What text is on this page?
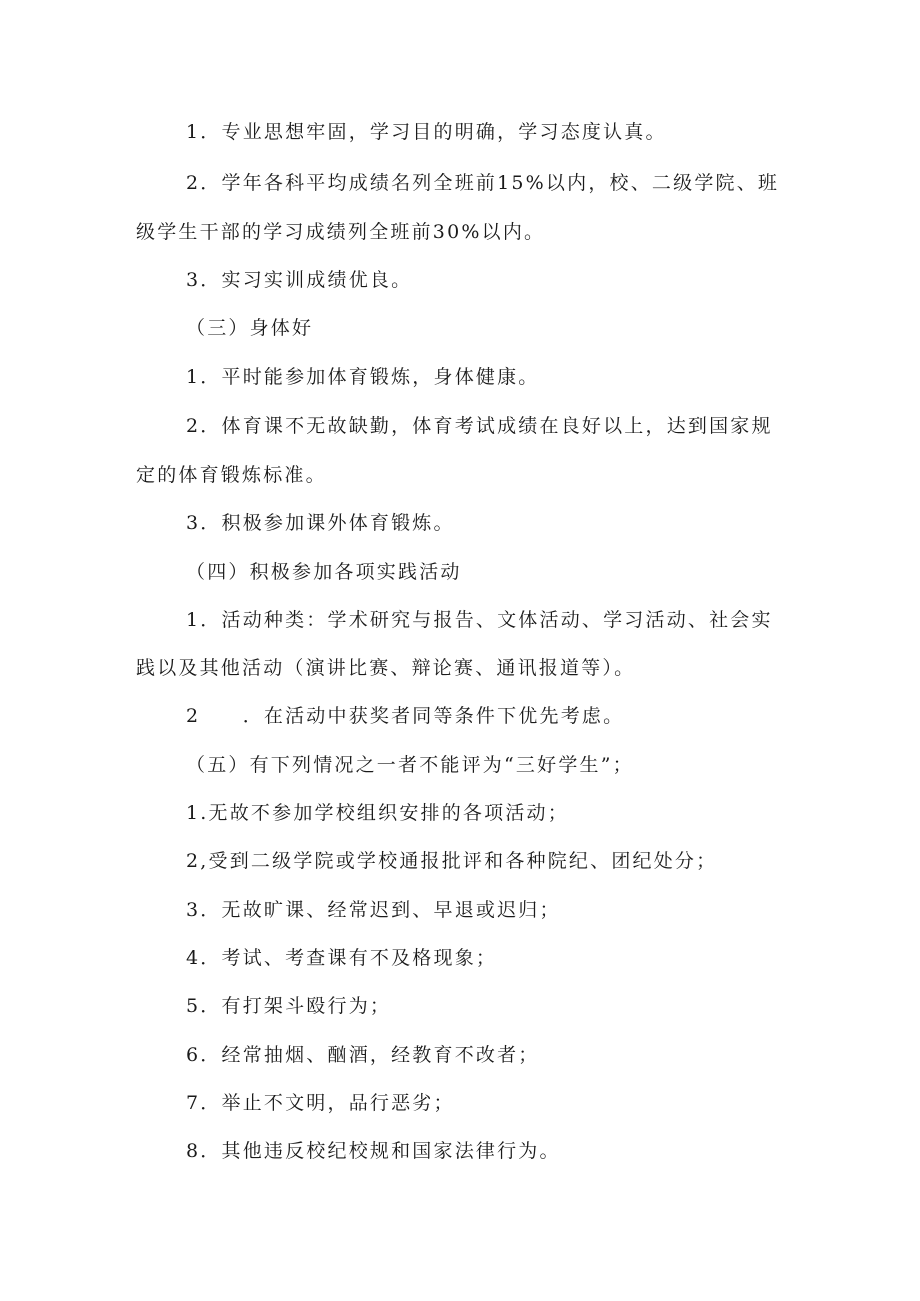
1．专业思想牢固，学习目的明确，学习态度认真。
2．学年各科平均成绩名列全班前15%以内，校、二级学院、班
级学生干部的学习成绩列全班前30%以内。
3．实习实训成绩优良。
（三）身体好
1．平时能参加体育锻炼，身体健康。
2．体育课不无故缺勤，体育考试成绩在良好以上，达到国家规
定的体育锻炼标准。
3．积极参加课外体育锻炼。
（四）积极参加各项实践活动
1．活动种类：学术研究与报告、文体活动、学习活动、社会实
践以及其他活动（演讲比赛、辩论赛、通讯报道等）。
2　　．在活动中获奖者同等条件下优先考虑。
（五）有下列情况之一者不能评为“三好学生”；
1.无故不参加学校组织安排的各项活动；
2,受到二级学院或学校通报批评和各种院纪、团纪处分；
3．无故旷课、经常迟到、早退或迟归；
4．考试、考查课有不及格现象；
5．有打架斗殴行为；
6．经常抽烟、酗酒，经教育不改者；
7．举止不文明，品行恶劣；
8．其他违反校纪校规和国家法律行为。
